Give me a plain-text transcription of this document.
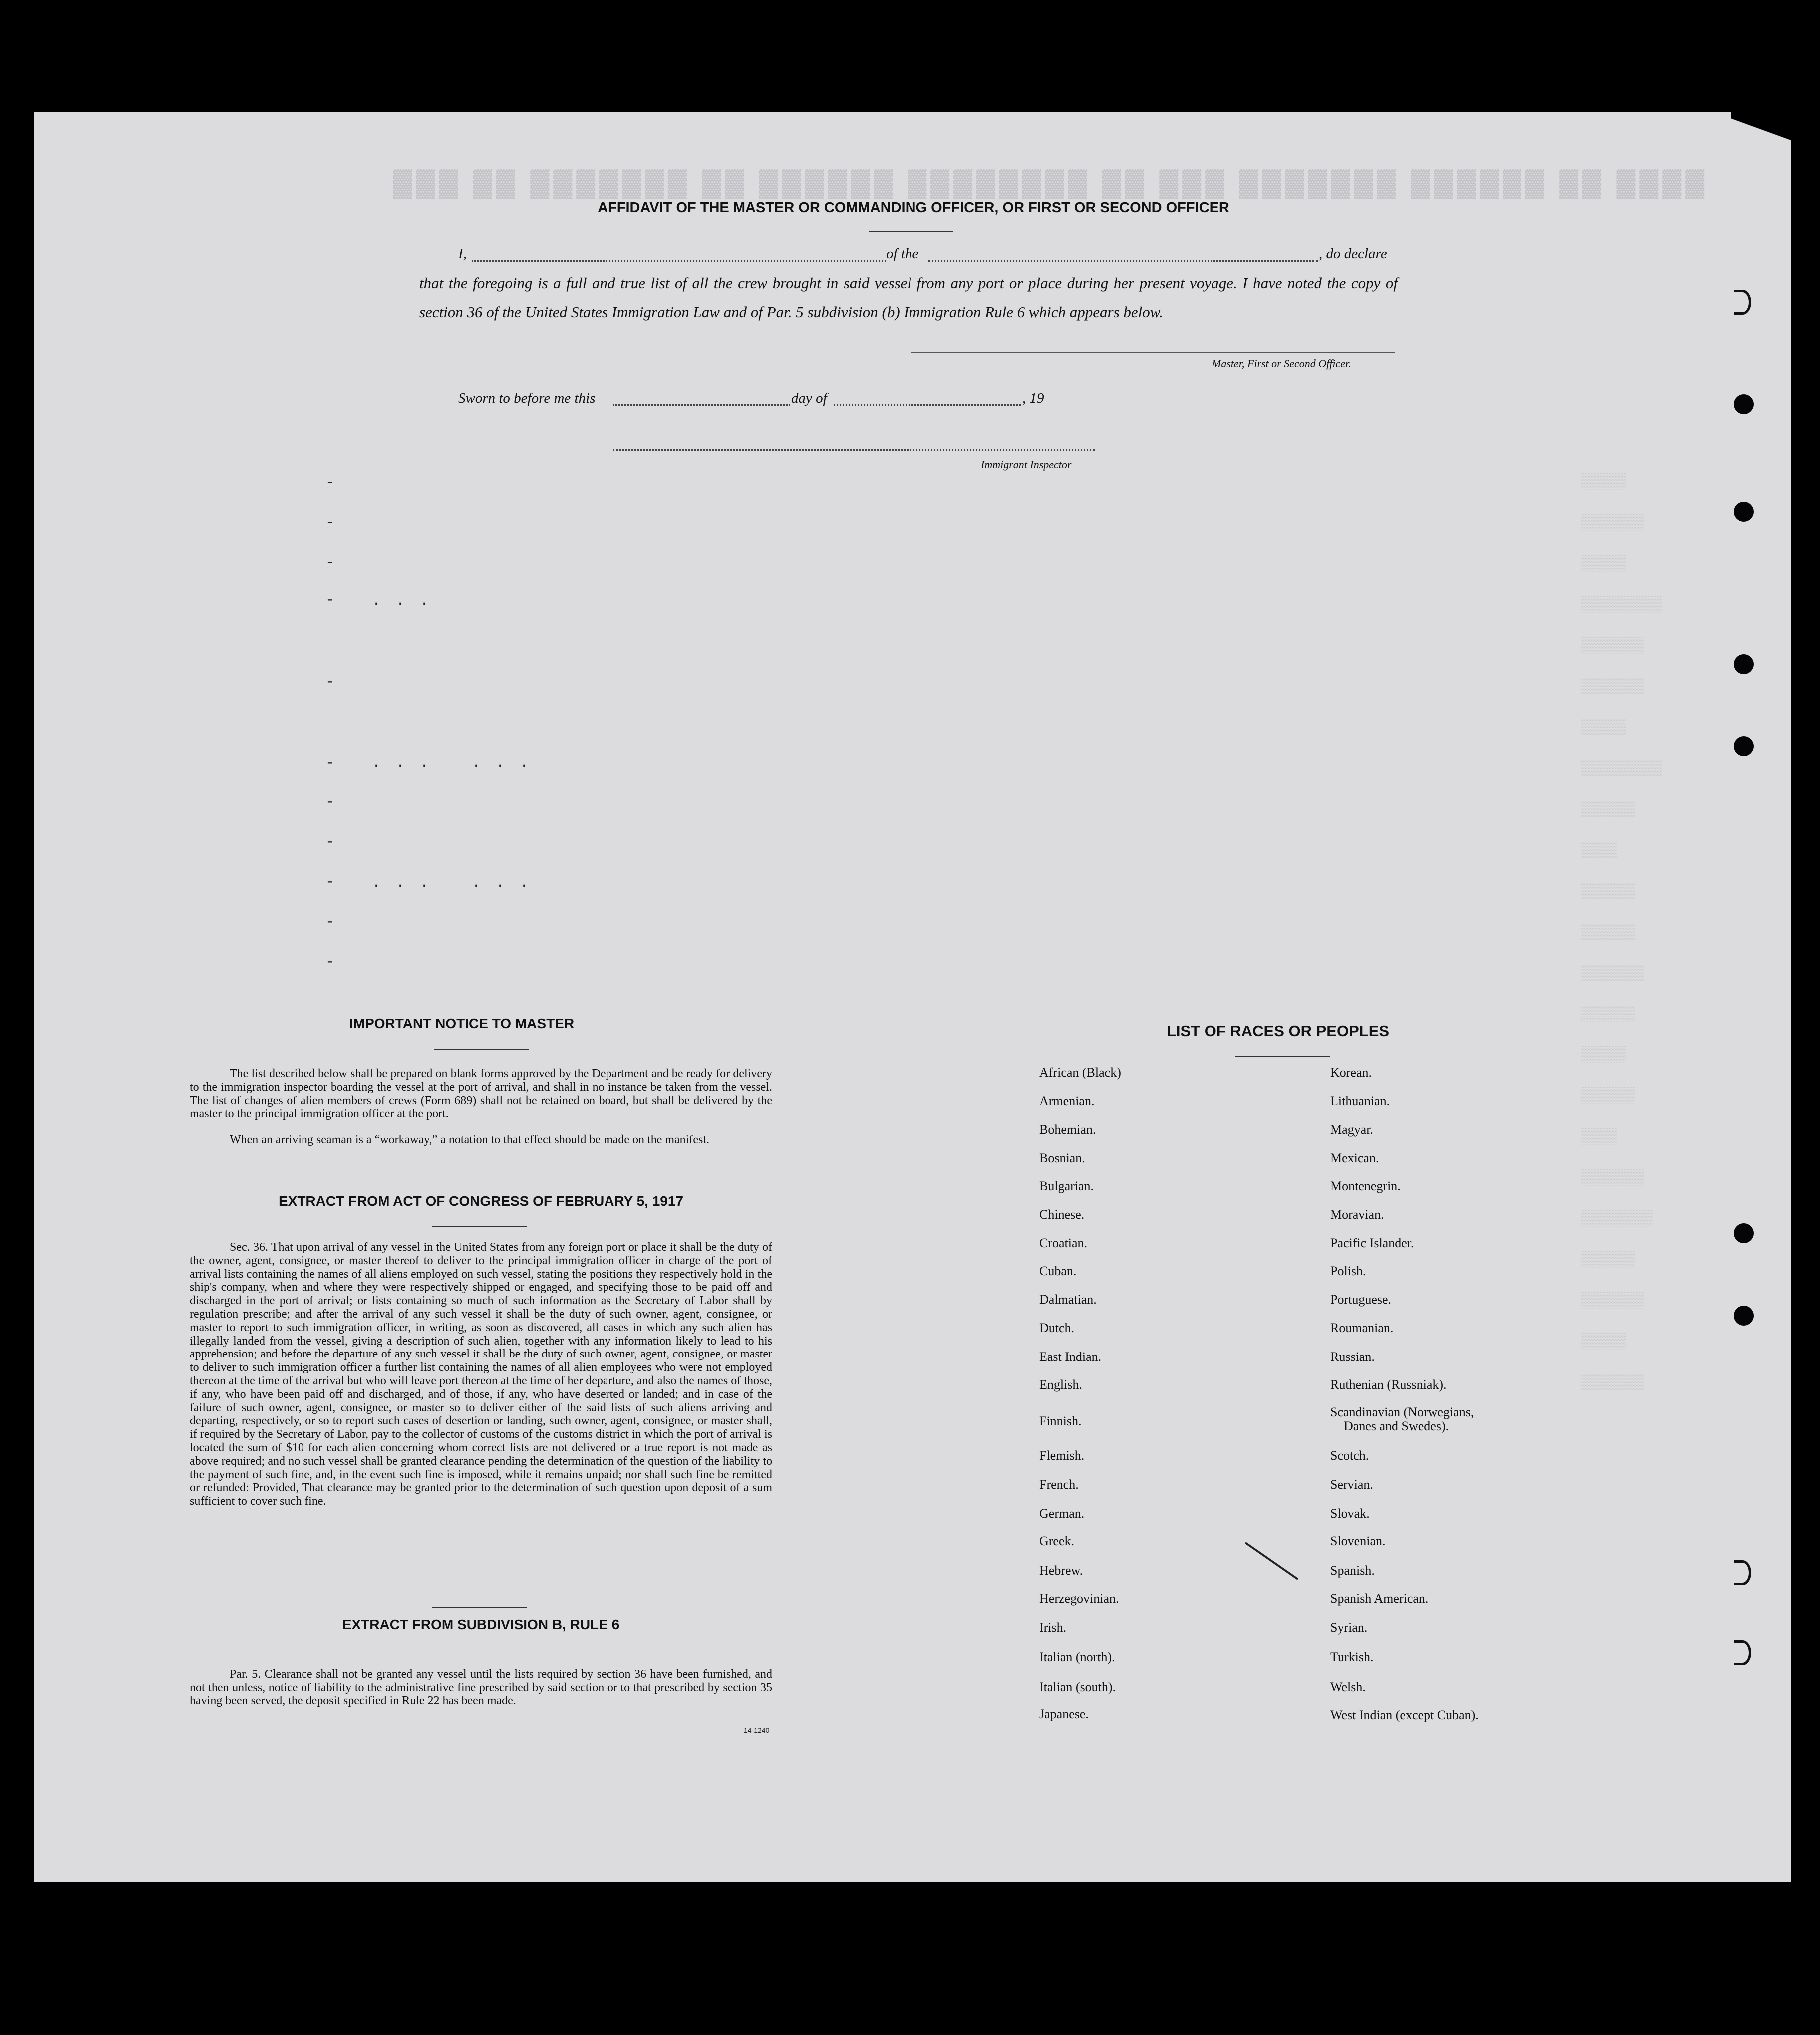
▓▓▓ ▓▓ ▓▓▓▓▓▓▓ ▓▓ ▓▓▓▓▓▓ ▓▓▓▓▓▓▓▓ ▓▓ ▓▓▓ ▓▓▓▓▓▓▓ ▓▓▓▓▓▓ ▓▓ ▓▓▓▓
▒▒▒▒▒
▒▒▒▒▒▒▒
▒▒▒▒▒
▒▒▒▒▒▒▒▒▒
▒▒▒▒▒▒▒
▒▒▒▒▒▒▒
▒▒▒▒▒
▒▒▒▒▒▒▒▒▒
▒▒▒▒▒▒
▒▒▒▒
▒▒▒▒▒▒
▒▒▒▒▒▒
▒▒▒▒▒▒▒
▒▒▒▒▒▒
▒▒▒▒▒
▒▒▒▒▒▒
▒▒▒▒
▒▒▒▒▒▒▒
▒▒▒▒▒▒▒▒
▒▒▒▒▒▒
▒▒▒▒▒▒▒
▒▒▒▒▒
▒▒▒▒▒▒▒
AFFIDAVIT OF THE MASTER OR COMMANDING OFFICER, OR FIRST OR SECOND OFFICER
I,	of the	, do declare
that the foregoing is a full and true list of all the crew brought in said vessel from any port or place during her present voyage. I have noted the copy of section 36 of the United States Immigration Law and of Par. 5 subdivision (b) Immigration Rule 6 which appears below.
Master, First or Second Officer.
Sworn to before me this	day of	, 19
Immigrant Inspector
-
-
-
- . . .
-
- . . .	. . .
-
-
- . . .	. . .
-
-
IMPORTANT NOTICE TO MASTER

The list described below shall be prepared on blank forms approved by the Department and be ready for delivery to the immigration inspector boarding the vessel at the port of arrival, and shall in no instance be taken from the vessel. The list of changes of alien members of crews (Form 689) shall not be retained on board, but shall be delivered by the master to the principal immigration officer at the port.

When an arriving seaman is a “workaway,” a notation to that effect should be made on the manifest.

EXTRACT FROM ACT OF CONGRESS OF FEBRUARY 5, 1917

Sec. 36. That upon arrival of any vessel in the United States from any foreign port or place it shall be the duty of the owner, agent, consignee, or master thereof to deliver to the principal immigration officer in charge of the port of arrival lists containing the names of all aliens employed on such vessel, stating the positions they respectively hold in the ship's company, when and where they were respectively shipped or engaged, and specifying those to be paid off and discharged in the port of arrival; or lists containing so much of such information as the Secretary of Labor shall by regulation prescribe; and after the arrival of any such vessel it shall be the duty of such owner, agent, consignee, or master to report to such immigration officer, in writing, as soon as discovered, all cases in which any such alien has illegally landed from the vessel, giving a description of such alien, together with any information likely to lead to his apprehension; and before the departure of any such vessel it shall be the duty of such owner, agent, consignee, or master to deliver to such immigration officer a further list containing the names of all alien employees who were not employed thereon at the time of the arrival but who will leave port thereon at the time of her departure, and also the names of those, if any, who have been paid off and discharged, and of those, if any, who have deserted or landed; and in case of the failure of such owner, agent, consignee, or master so to deliver either of the said lists of such aliens arriving and departing, respectively, or so to report such cases of desertion or landing, such owner, agent, consignee, or master shall, if required by the Secretary of Labor, pay to the collector of customs of the customs district in which the port of arrival is located the sum of $10 for each alien concerning whom correct lists are not delivered or a true report is not made as above required; and no such vessel shall be granted clearance pending the determination of the question of the liability to the payment of such fine, and, in the event such fine is imposed, while it remains unpaid; nor shall such fine be remitted or refunded: Provided, That clearance may be granted prior to the determination of such question upon deposit of a sum sufficient to cover such fine.

EXTRACT FROM SUBDIVISION B, RULE 6

Par. 5. Clearance shall not be granted any vessel until the lists required by section 36 have been furnished, and not then unless, notice of liability to the administrative fine prescribed by said section or to that prescribed by section 35 having been served, the deposit specified in Rule 22 has been made.

14-1240
LIST OF RACES OR PEOPLES
African (Black)
Armenian.
Bohemian.
Bosnian.
Bulgarian.
Chinese.
Croatian.
Cuban.
Dalmatian.
Dutch.
East Indian.
English.
Finnish.
Flemish.
French.
German.
Greek.
Hebrew.
Herzegovinian.
Irish.
Italian (north).
Italian (south).
Japanese.
Korean.
Lithuanian.
Magyar.
Mexican.
Montenegrin.
Moravian.
Pacific Islander.
Polish.
Portuguese.
Roumanian.
Russian.
Ruthenian (Russniak).
Scandinavian (Norwegians,
Danes and Swedes).
Scotch.
Servian.
Slovak.
Slovenian.
Spanish.
Spanish American.
Syrian.
Turkish.
Welsh.
West Indian (except Cuban).
